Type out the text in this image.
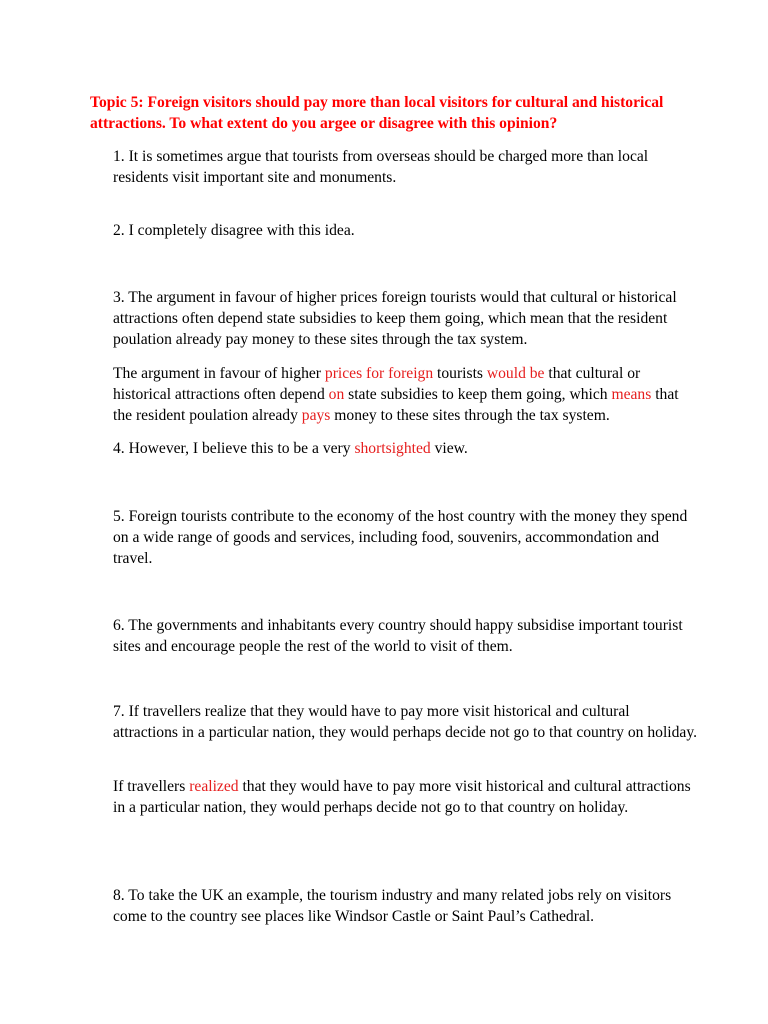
Topic 5: Foreign visitors should pay more than local visitors for cultural and historical attractions. To what extent do you argee or disagree with this opinion?

1. It is sometimes argue that tourists from overseas should be charged more than local residents visit important site and monuments.

2. I completely disagree with this idea.

3. The argument in favour of higher prices foreign tourists would that cultural or historical attractions often depend state subsidies to keep them going, which mean that the resident poulation already pay money to these sites through the tax system.

The argument in favour of higher prices for foreign tourists would be that cultural or historical attractions often depend on state subsidies to keep them going, which means that the resident poulation already pays money to these sites through the tax system.

4. However, I believe this to be a very shortsighted view.

5. Foreign tourists contribute to the economy of the host country with the money they spend on a wide range of goods and services, including food, souvenirs, accommondation and travel.

6. The governments and inhabitants every country should happy subsidise important tourist sites and encourage people the rest of the world to visit of them.

7. If travellers realize that they would have to pay more visit historical and cultural attractions in a particular nation, they would perhaps decide not go to that country on holiday.

If travellers realized that they would have to pay more visit historical and cultural attractions in a particular nation, they would perhaps decide not go to that country on holiday.

8. To take the UK an example, the tourism industry and many related jobs rely on visitors come to the country see places like Windsor Castle or Saint Paul’s Cathedral.
